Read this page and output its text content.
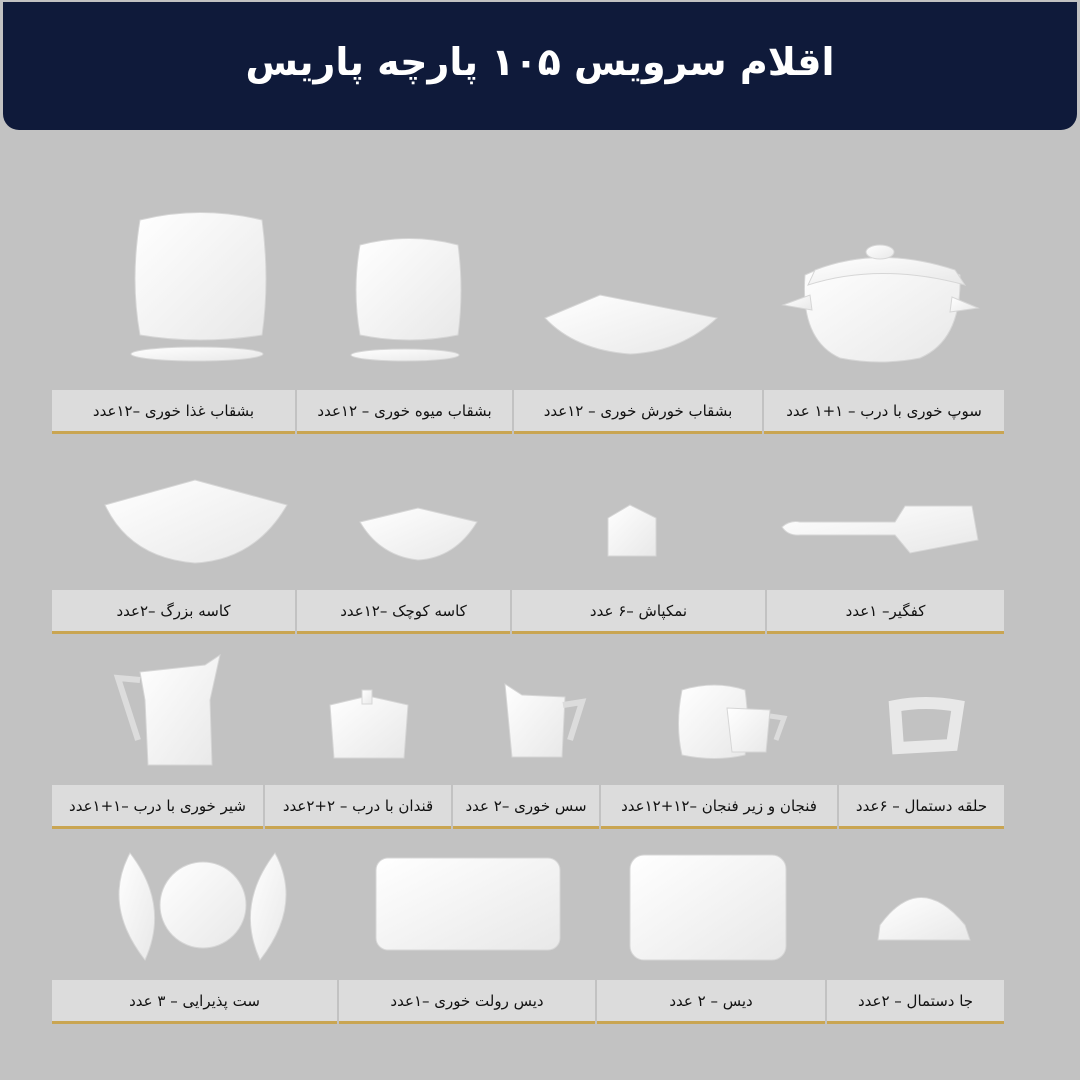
اقلام سرویس ۱۰۵ پارچه پاریس
سوپ خوری با درب – ۱+۱ عدد
بشقاب خورش خوری – ۱۲عدد
بشقاب میوه خوری – ۱۲عدد
بشقاب غذا خوری –۱۲عدد
کفگیر– ۱عدد
نمکپاش –۶ عدد
کاسه کوچک –۱۲عدد
کاسه بزرگ –۲عدد
حلقه دستمال – ۶عدد
فنجان و زیر فنجان –۱۲+۱۲عدد
سس خوری –۲ عدد
قندان با درب – ۲+۲عدد
شیر خوری با درب –۱+۱عدد
جا دستمال – ۲عدد
دیس – ۲ عدد
دیس رولت خوری –۱عدد
ست پذیرایی – ۳ عدد
